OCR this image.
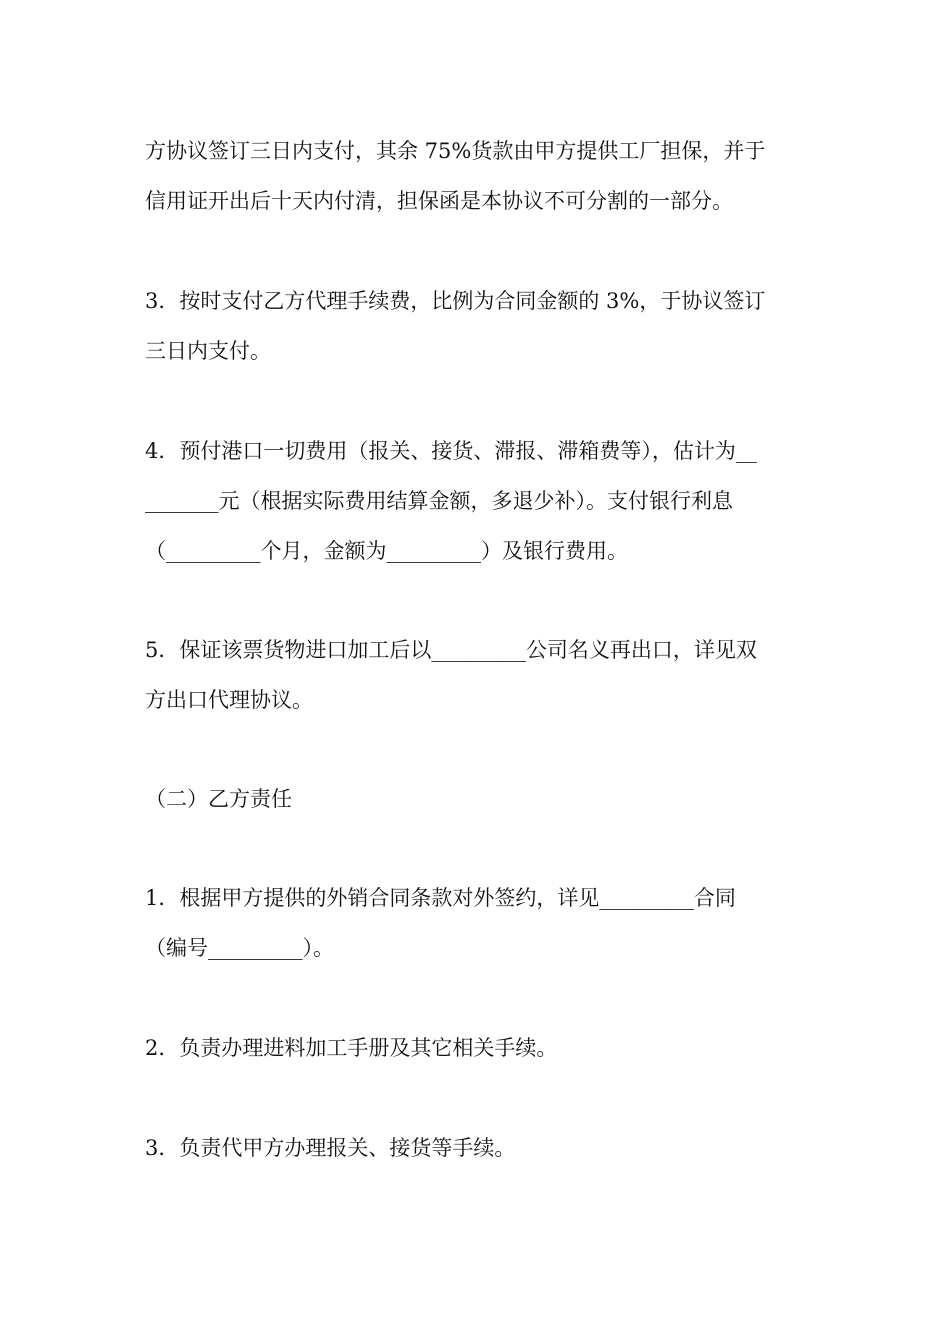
方协议签订三日内支付，其余 75%货款由甲方提供工厂担保，并于
信用证开出后十天内付清，担保函是本协议不可分割的一部分。
3．按时支付乙方代理手续费，比例为合同金额的 3%，于协议签订
三日内支付。
4．预付港口一切费用（报关、接货、滞报、滞箱费等），估计为__
_______元（根据实际费用结算金额，多退少补）。支付银行利息
（_________个月，金额为_________）及银行费用。
5．保证该票货物进口加工后以_________公司名义再出口，详见双
方出口代理协议。
（二）乙方责任
1．根据甲方提供的外销合同条款对外签约，详见_________合同
（编号_________）。
2．负责办理进料加工手册及其它相关手续。
3．负责代甲方办理报关、接货等手续。
